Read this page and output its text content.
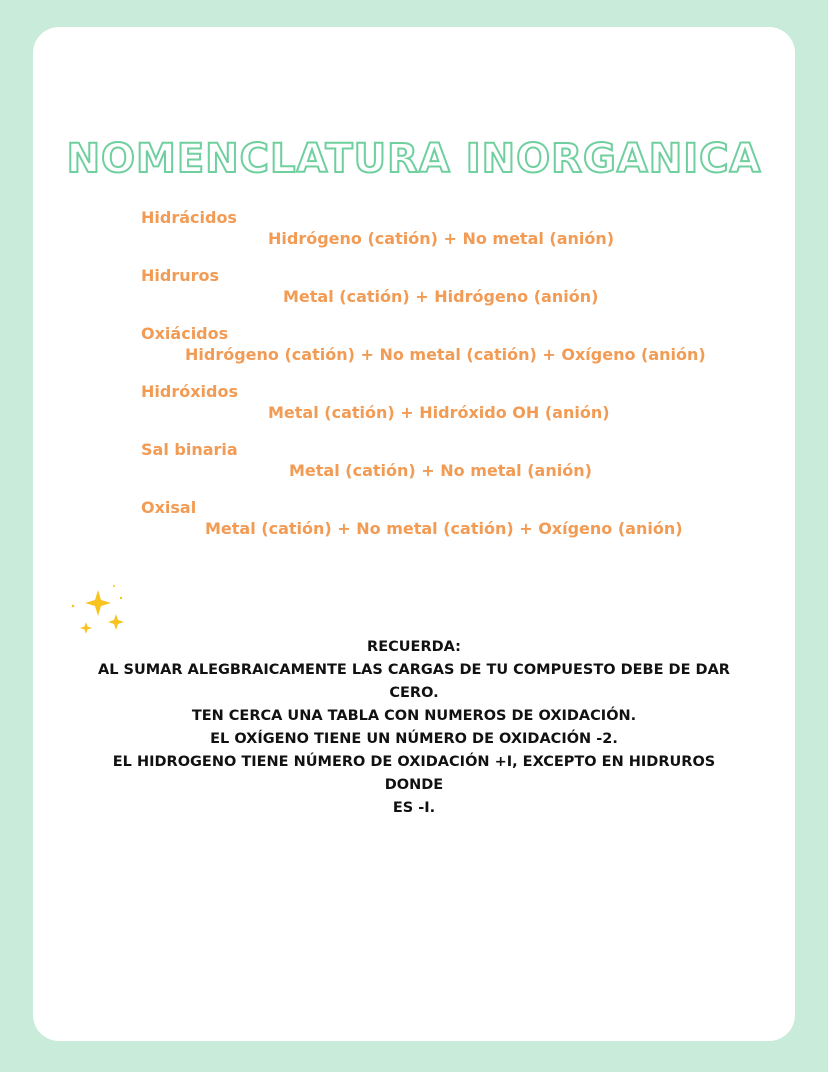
NOMENCLATURA INORGANICA
Hidrácidos
Hidrógeno (catión) + No metal (anión)
Hidruros
Metal (catión) + Hidrógeno (anión)
Oxiácidos
Hidrógeno (catión) + No metal (catión) + Oxígeno (anión)
Hidróxidos
Metal (catión) + Hidróxido OH (anión)
Sal binaria
Metal (catión) + No metal (anión)
Oxisal
Metal (catión) + No metal (catión) + Oxígeno (anión)
RECUERDA:
AL SUMAR ALEGBRAICAMENTE LAS CARGAS DE TU COMPUESTO DEBE DE DAR
CERO.
TEN CERCA UNA TABLA CON NUMEROS DE OXIDACIÓN.
EL OXÍGENO TIENE UN NÚMERO DE OXIDACIÓN -2.
EL HIDROGENO TIENE NÚMERO DE OXIDACIÓN +I, EXCEPTO EN HIDRUROS DONDE
ES -I.
